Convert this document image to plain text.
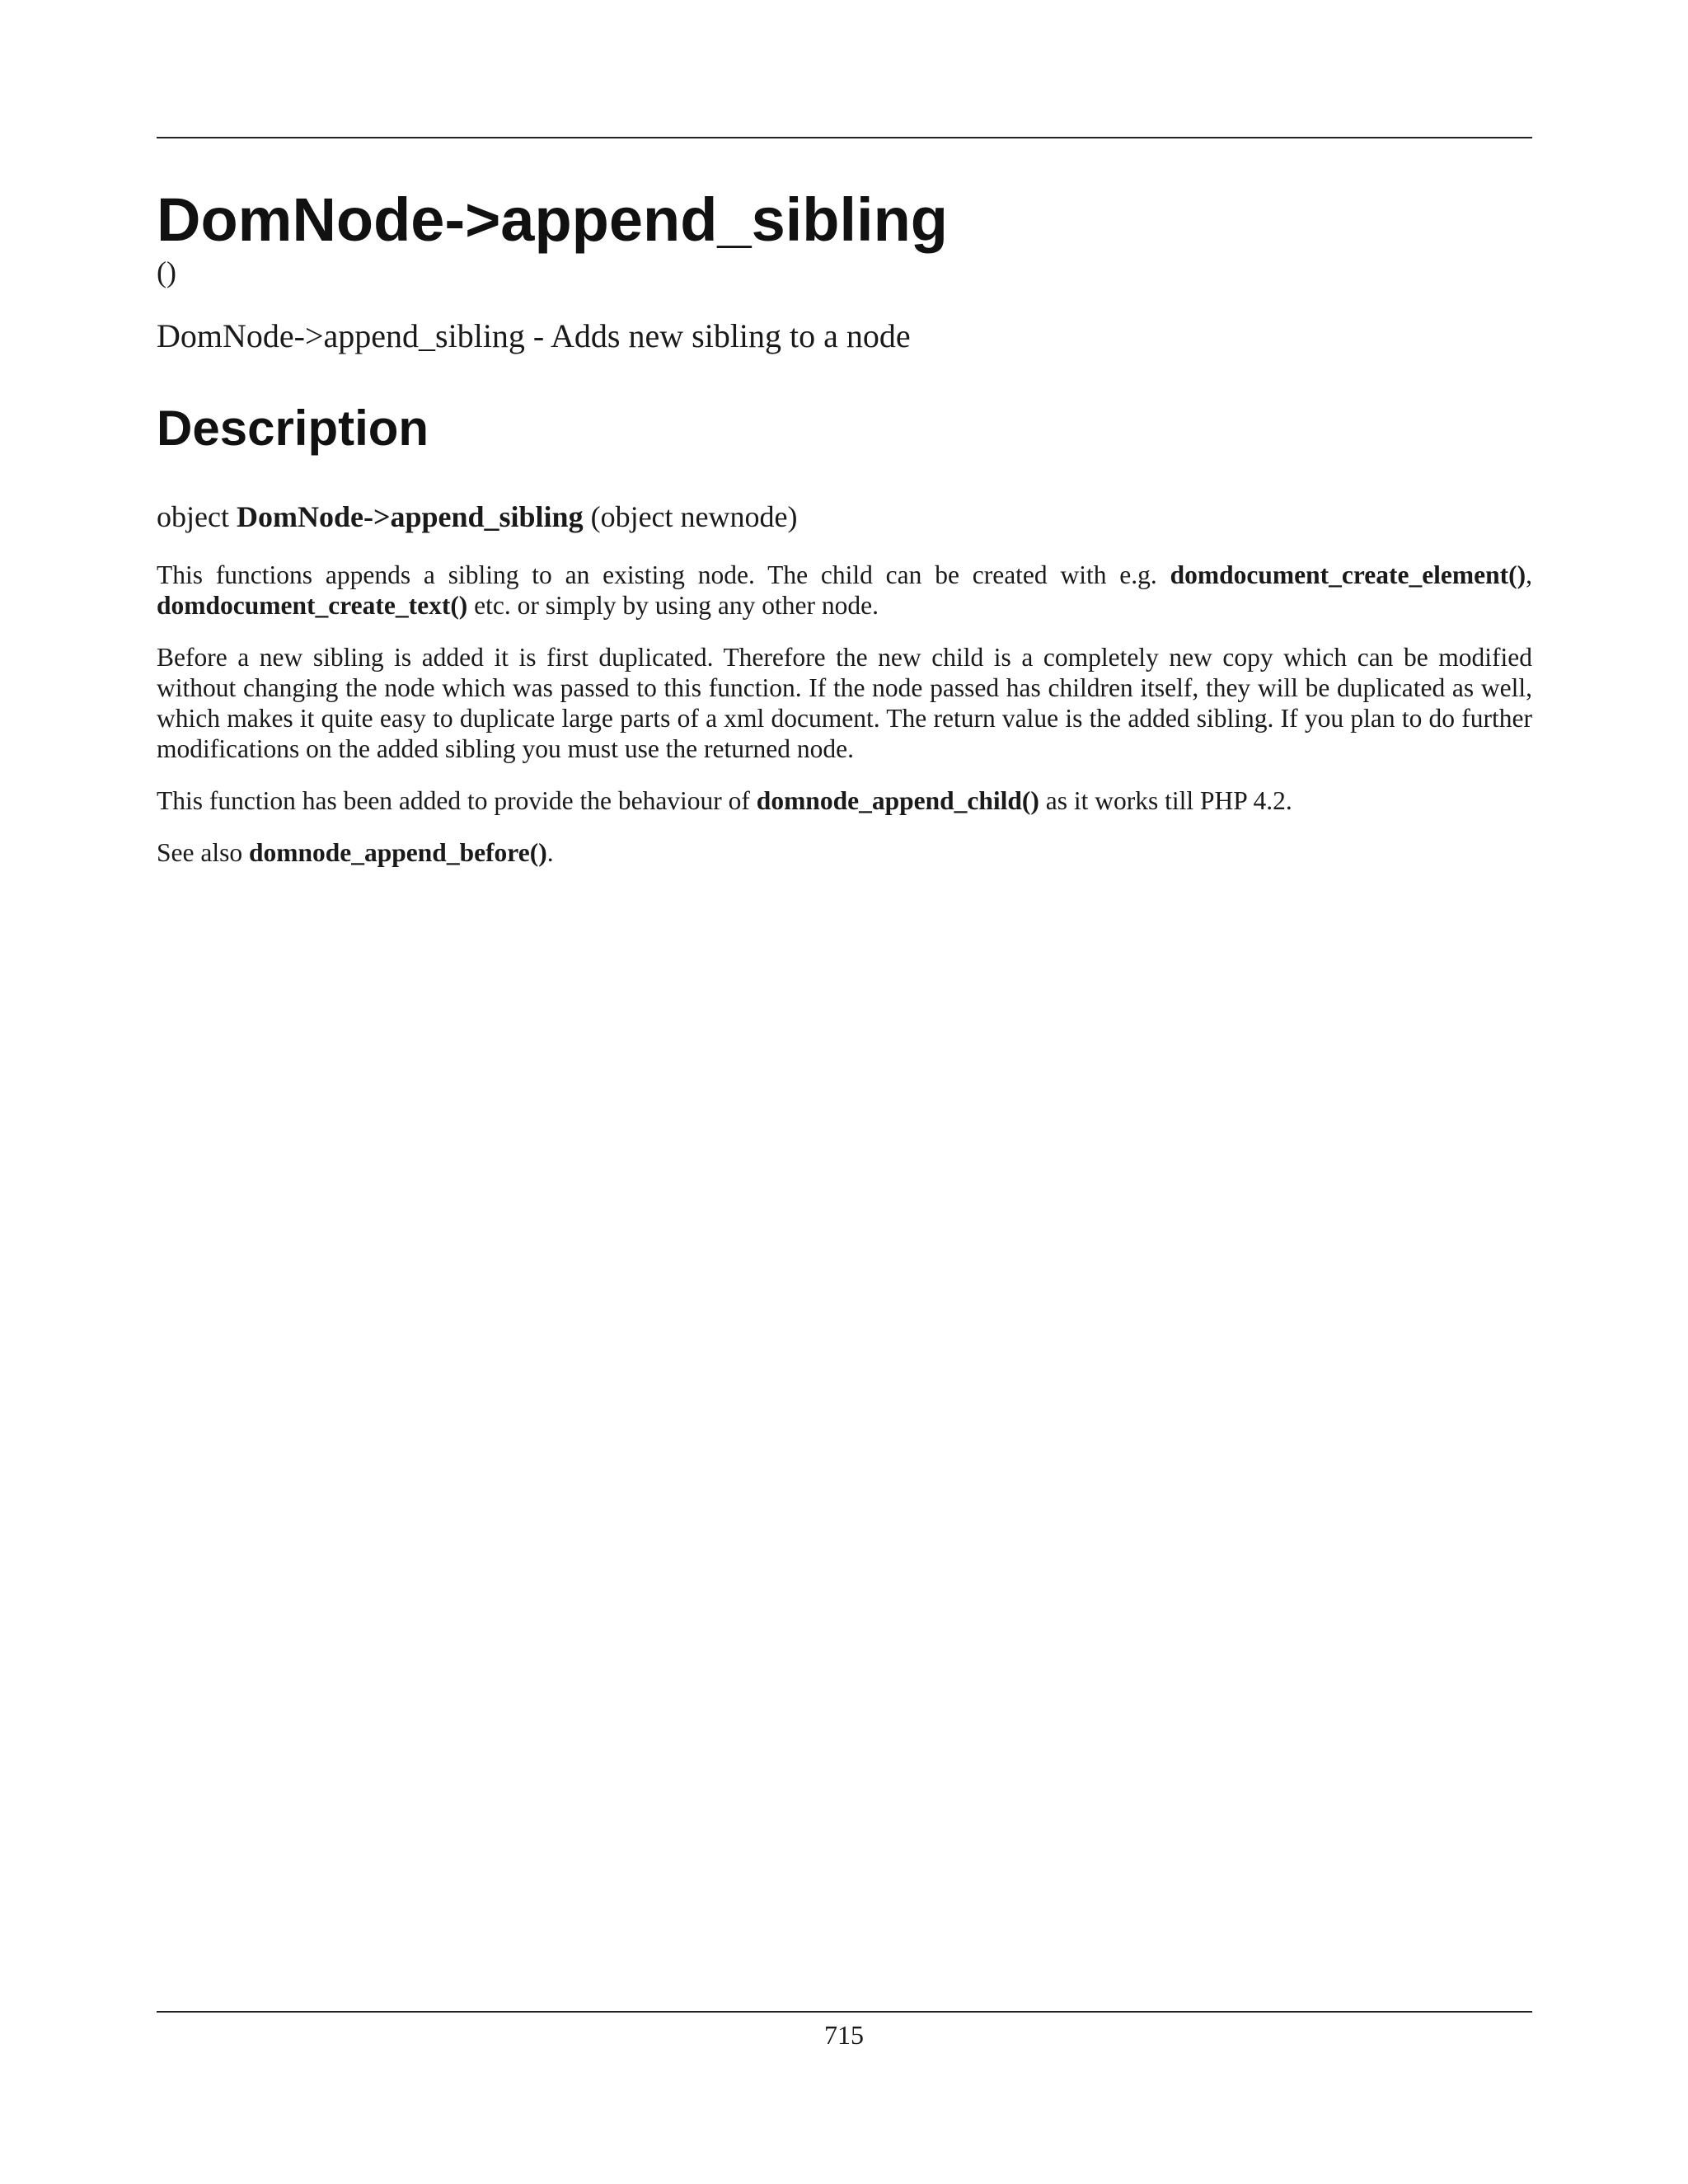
DomNode->append_sibling
()

DomNode->append_sibling - Adds new sibling to a node

Description

object DomNode->append_sibling (object newnode)

This functions appends a sibling to an existing node. The child can be created with e.g. domdocument_create_element(), domdocument_create_text() etc. or simply by using any other node.

Before a new sibling is added it is first duplicated. Therefore the new child is a completely new copy which can be modified without changing the node which was passed to this function. If the node passed has children itself, they will be duplicated as well, which makes it quite easy to duplicate large parts of a xml document. The return value is the added sibling. If you plan to do further modifications on the added sibling you must use the returned node.

This function has been added to provide the behaviour of domnode_append_child() as it works till PHP 4.2.

See also domnode_append_before().

715
